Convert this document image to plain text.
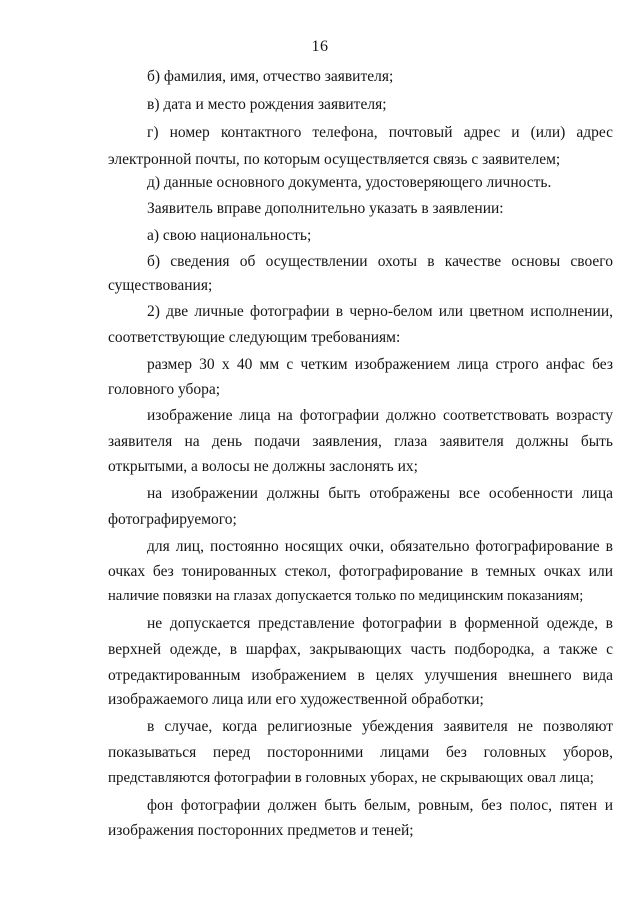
16
б) фамилия, имя, отчество заявителя;
в) дата и место рождения заявителя;
г) номер контактного телефона, почтовый адрес и (или) адрес
электронной почты, по которым осуществляется связь с заявителем;
д) данные основного документа, удостоверяющего личность.
Заявитель вправе дополнительно указать в заявлении:
а) свою национальность;
б) сведения об осуществлении охоты в качестве основы своего
существования;
2) две личные фотографии в черно-белом или цветном исполнении,
соответствующие следующим требованиям:
размер 30 х 40 мм с четким изображением лица строго анфас без
головного убора;
изображение лица на фотографии должно соответствовать возрасту
заявителя на день подачи заявления, глаза заявителя должны быть
открытыми, а волосы не должны заслонять их;
на изображении должны быть отображены все особенности лица
фотографируемого;
для лиц, постоянно носящих очки, обязательно фотографирование в
очках без тонированных стекол, фотографирование в темных очках или
наличие повязки на глазах допускается только по медицинским показаниям;
не допускается представление фотографии в форменной одежде, в
верхней одежде, в шарфах, закрывающих часть подбородка, а также с
отредактированным изображением в целях улучшения внешнего вида
изображаемого лица или его художественной обработки;
в случае, когда религиозные убеждения заявителя не позволяют
показываться перед посторонними лицами без головных уборов,
представляются фотографии в головных уборах, не скрывающих овал лица;
фон фотографии должен быть белым, ровным, без полос, пятен и
изображения посторонних предметов и теней;
